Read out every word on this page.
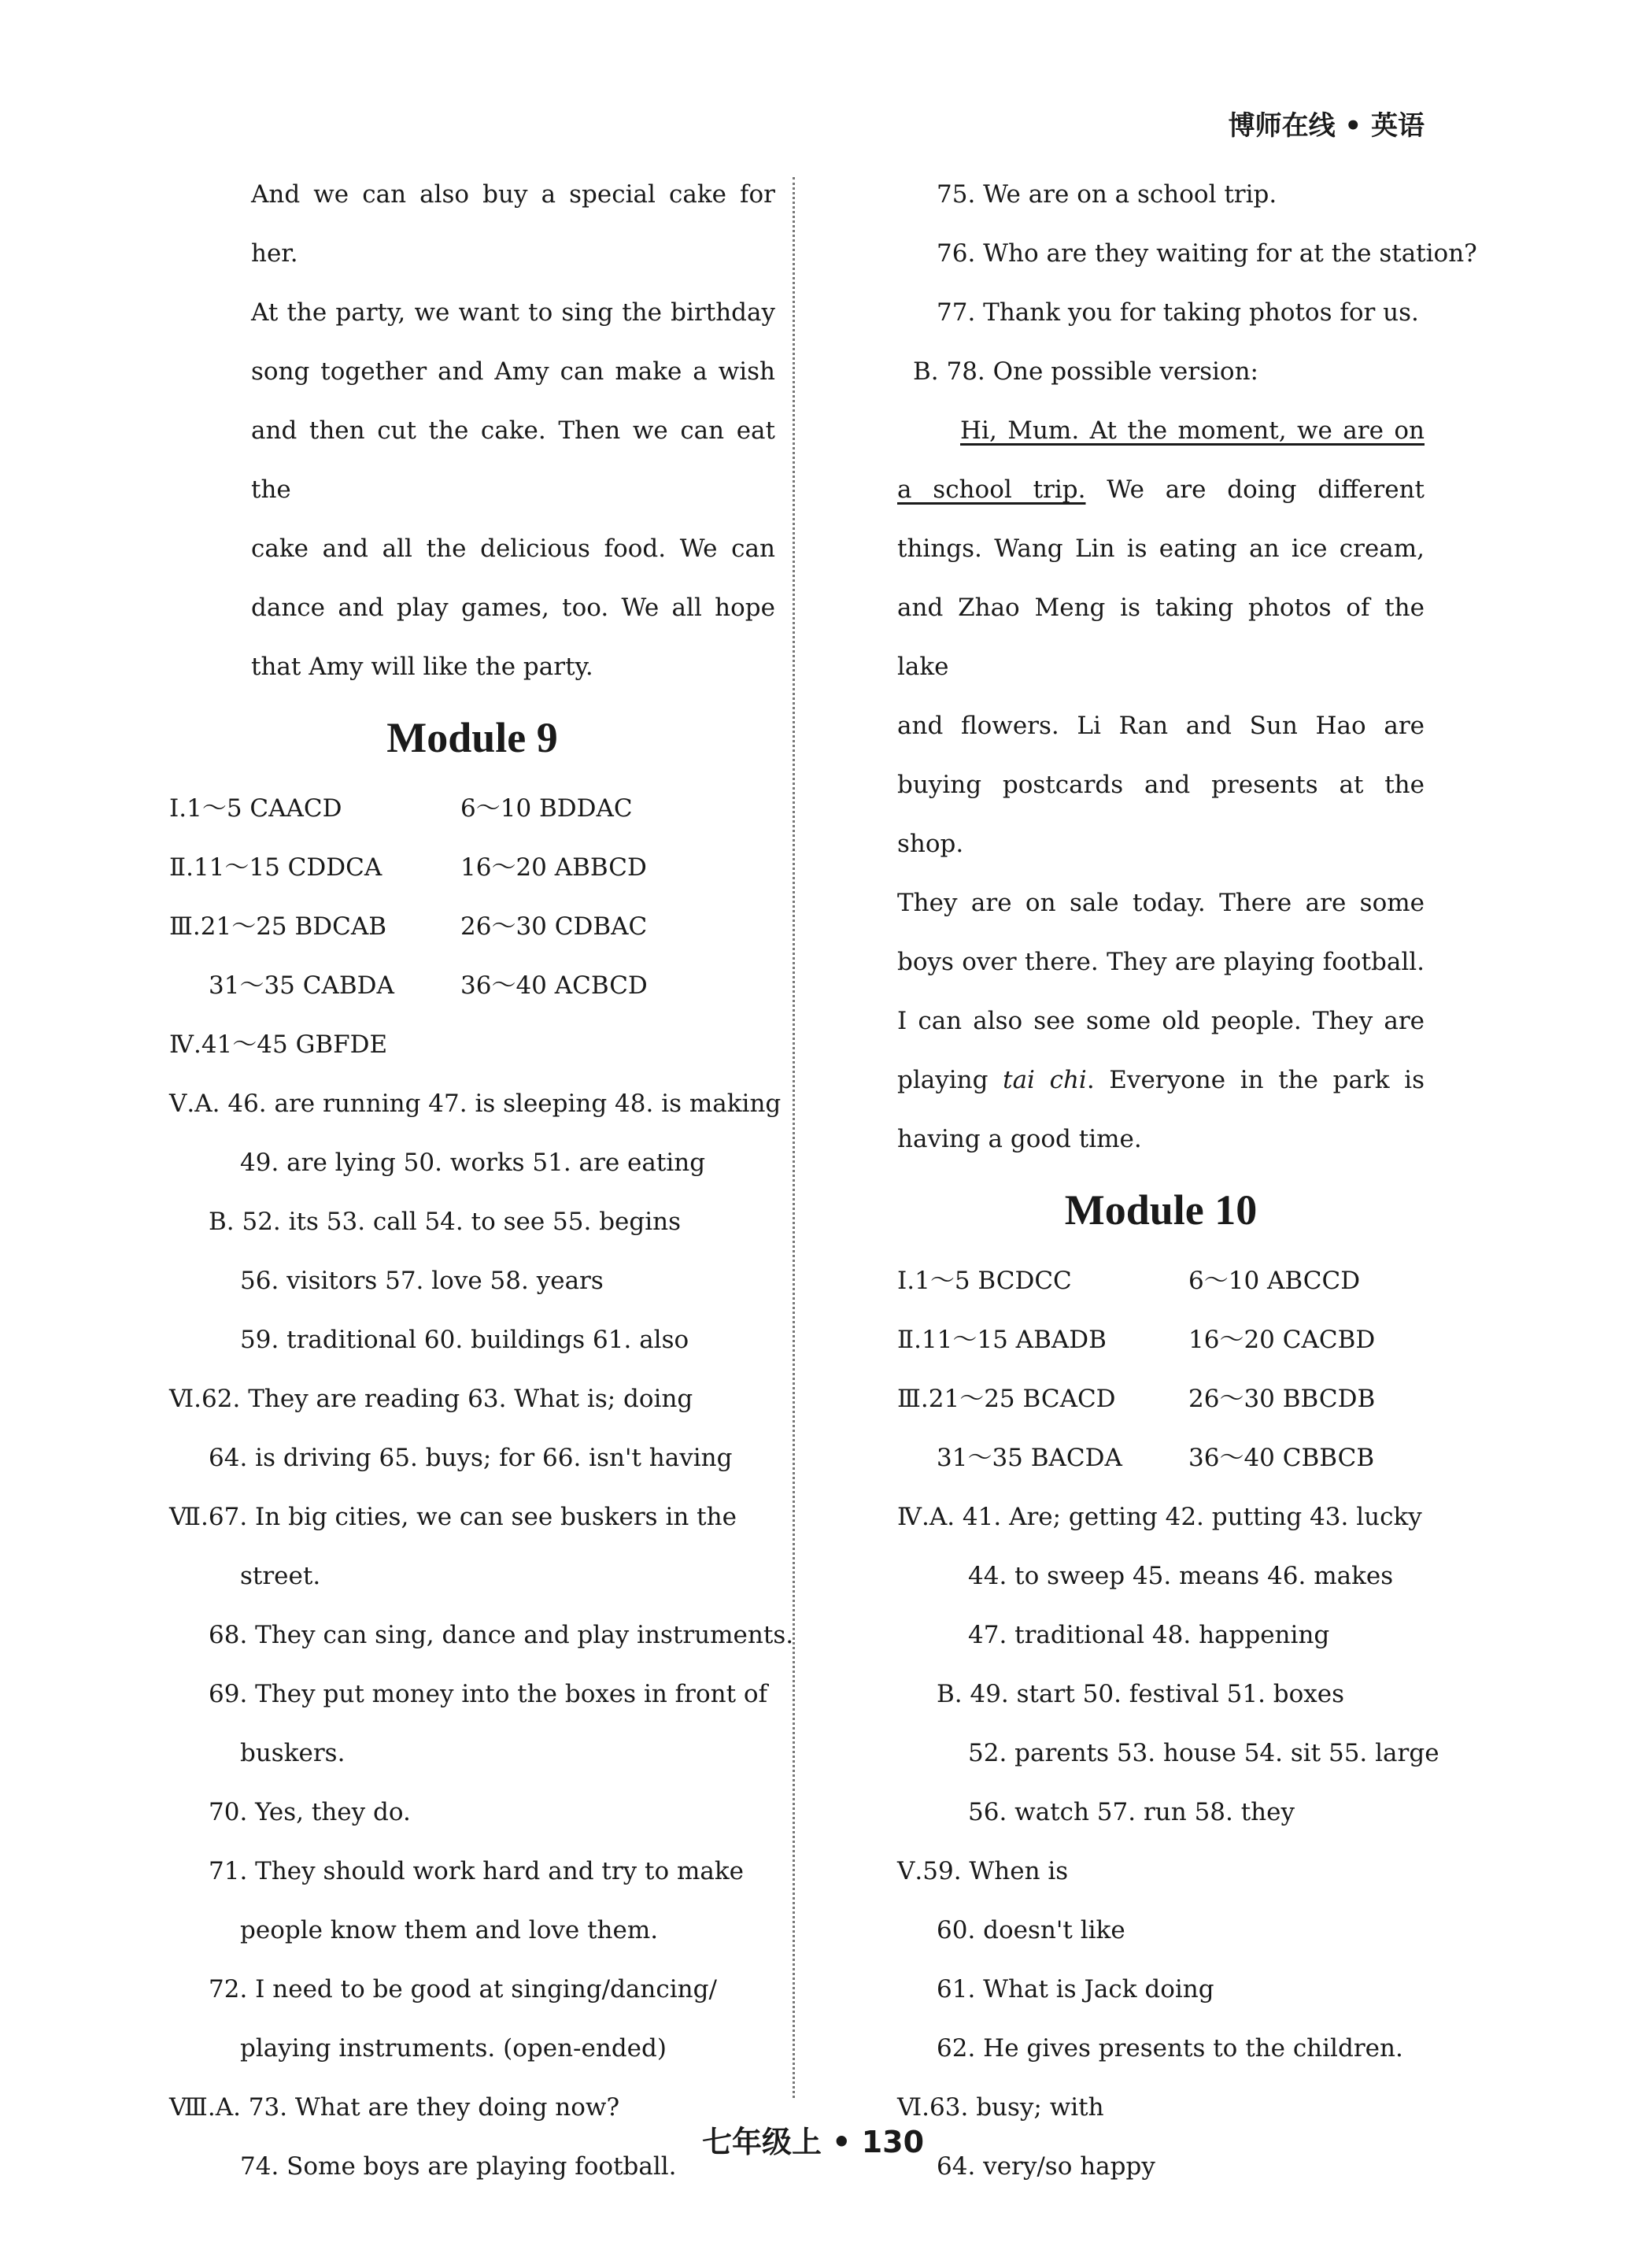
博师在线 • 英语
And we can also buy a special cake for her.
At the party, we want to sing the birthday
song together and Amy can make a wish
and then cut the cake. Then we can eat the
cake and all the delicious food. We can
dance and play games, too. We all hope
that Amy will like the party.
Module 9
Ⅰ.1～5 CAACD	6～10 BDDAC
Ⅱ.11～15 CDDCA	16～20 ABBCD
Ⅲ.21～25 BDCAB	26～30 CDBAC
31～35 CABDA	36～40 ACBCD
Ⅳ.41～45 GBFDE
Ⅴ.A. 46. are running 47. is sleeping 48. is making
49. are lying 50. works 51. are eating
B. 52. its 53. call 54. to see 55. begins
56. visitors 57. love 58. years
59. traditional 60. buildings 61. also
Ⅵ.62. They are reading 63. What is; doing
64. is driving 65. buys; for 66. isn't having
Ⅶ.67. In big cities, we can see buskers in the
street.
68. They can sing, dance and play instruments.
69. They put money into the boxes in front of
buskers.
70. Yes, they do.
71. They should work hard and try to make
people know them and love them.
72. I need to be good at singing/dancing/
playing instruments. (open-ended)
Ⅷ.A. 73. What are they doing now?
74. Some boys are playing football.
75. We are on a school trip.
76. Who are they waiting for at the station?
77. Thank you for taking photos for us.
B. 78. One possible version:
Hi, Mum. At the moment, we are on
a school trip. We are doing different
things. Wang Lin is eating an ice cream,
and Zhao Meng is taking photos of the lake
and flowers. Li Ran and Sun Hao are
buying postcards and presents at the shop.
They are on sale today. There are some
boys over there. They are playing football.
I can also see some old people. They are
playing tai chi. Everyone in the park is
having a good time.
Module 10
Ⅰ.1～5 BCDCC	6～10 ABCCD
Ⅱ.11～15 ABADB	16～20 CACBD
Ⅲ.21～25 BCACD	26～30 BBCDB
31～35 BACDA	36～40 CBBCB
Ⅳ.A. 41. Are; getting 42. putting 43. lucky
44. to sweep 45. means 46. makes
47. traditional 48. happening
B. 49. start 50. festival 51. boxes
52. parents 53. house 54. sit 55. large
56. watch 57. run 58. they
Ⅴ.59. When is
60. doesn't like
61. What is Jack doing
62. He gives presents to the children.
Ⅵ.63. busy; with
64. very/so happy
七年级上 • 130
